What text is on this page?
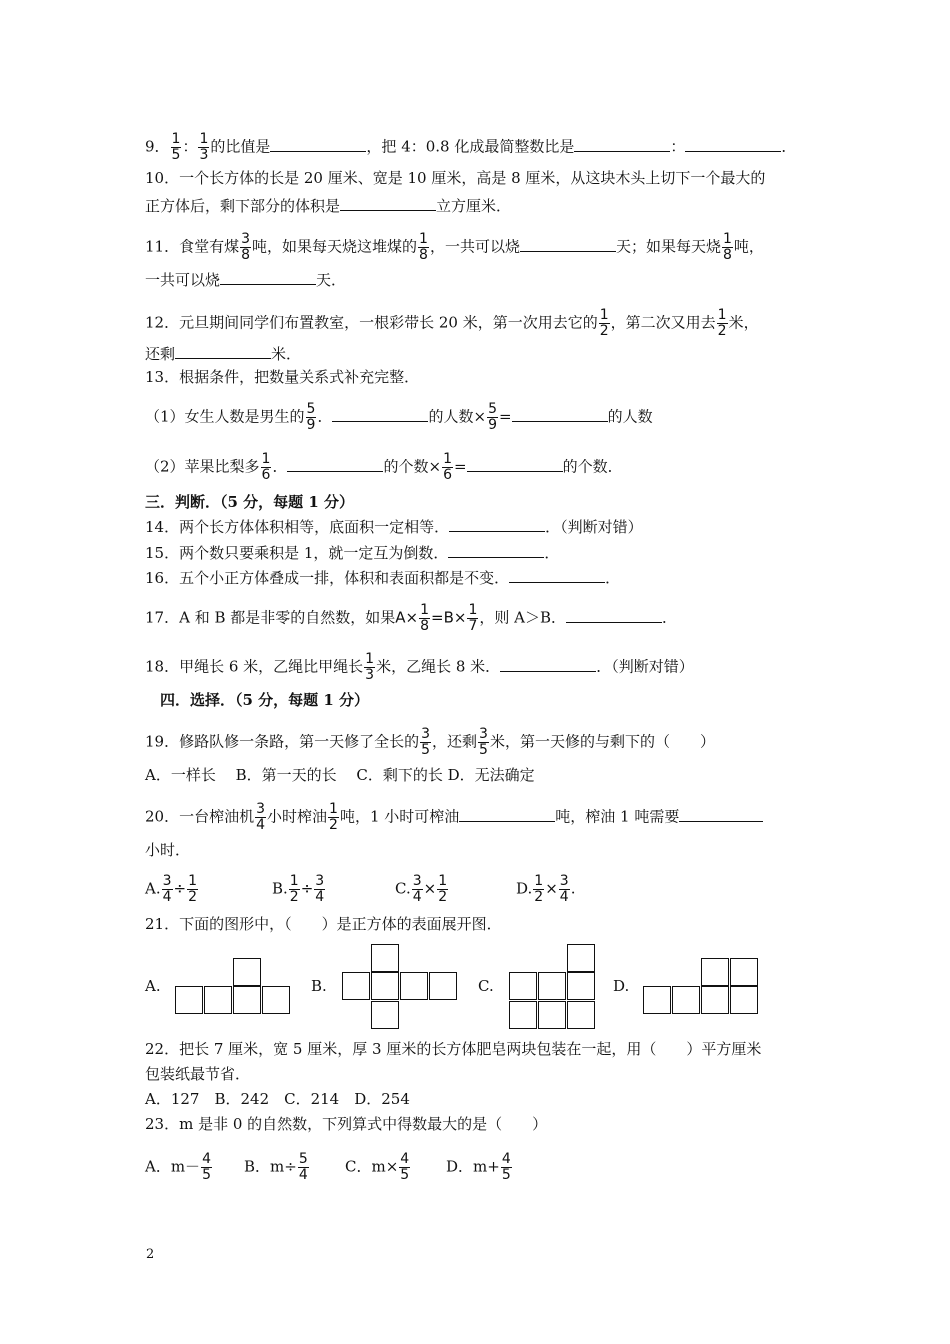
9． $\frac{1}{5}$ ： $\frac{1}{3}$ 的比值是	，把 4：0.8 化成最简整数比是	：	．
10．一个长方体的长是 20 厘米、宽是 10 厘米，高是 8 厘米，从这块木头上切下一个最大的
正方体后，剩下部分的体积是	立方厘米．
11．食堂有煤 $\frac{3}{8}$ 吨，如果每天烧这堆煤的 $\frac{1}{8}$ ，一共可以烧	天；如果每天烧 $\frac{1}{8}$ 吨，
一共可以烧	天．
12．元旦期间同学们布置教室，一根彩带长 20 米，第一次用去它的 $\frac{1}{2}$ ，第二次又用去 $\frac{1}{2}$ 米，
还剩	米．
13．根据条件，把数量关系式补充完整．
（1）女生人数是男生的 $\frac{5}{9}$ ．	的人数× $\frac{5}{9}$ =	的人数
（2）苹果比梨多 $\frac{1}{6}$ ．	的个数× $\frac{1}{6}$ =	的个数．
三．判断．（5 分，每题 1 分）
14．两个长方体体积相等，底面积一定相等．	．（判断对错）
15．两个数只要乘积是 1，就一定互为倒数．	．
16．五个小正方体叠成一排，体积和表面积都是不变．	．
17．A 和 B 都是非零的自然数，如果$A\times \frac{1}{8} =B\times \frac{1}{7}$ ，则 A＞B．	．
18．甲绳长 6 米，乙绳比甲绳长 $\frac{1}{3}$ 米，乙绳长 8 米．	．（判断对错）
四．选择．（5 分，每题 1 分）
19．修路队修一条路，第一天修了全长的 $\frac{3}{5}$ ，还剩 $\frac{3}{5}$ 米，第一天修的与剩下的（　　）
A．一样长　 B．第一天的长　 C．剩下的长 D．无法确定
20．一台榨油机 $\frac{3}{4}$ 小时榨油 $\frac{1}{2}$ 吨，1 小时可榨油	吨，榨油 1 吨需要
小时．
A. $\frac{3}{4} \div \frac{1}{2}$	B. $\frac{1}{2} \div \frac{3}{4}$	C. $\frac{3}{4} \times \frac{1}{2}$	D. $\frac{1}{2} \times \frac{3}{4}$ .
21．下面的图形中，（　　）是正方体的表面展开图．
A.	B.	C.	D.
22．把长 7 厘米，宽 5 厘米，厚 3 厘米的长方体肥皂两块包装在一起，用（　　）平方厘米
包装纸最节省．
A．127　B．242　C．214　D．254
23．m 是非 0 的自然数，下列算式中得数最大的是（　　）
A．$m- \frac{4}{5}$ B．$m\div \frac{5}{4}$ C．$m\times \frac{4}{5}$ D．$m+ \frac{4}{5}$
2
